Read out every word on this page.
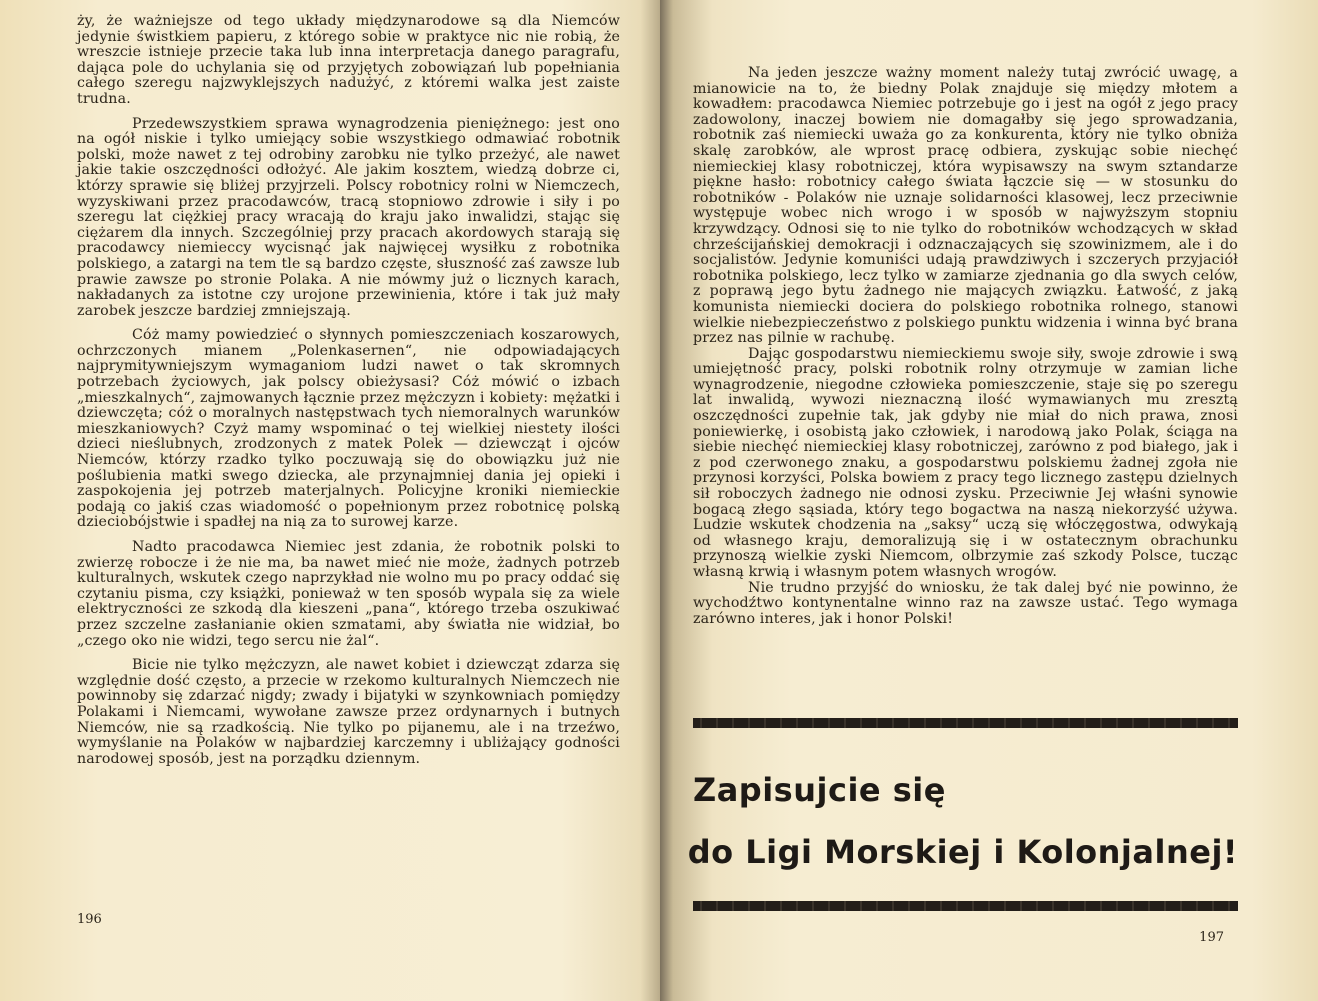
ży, że ważniejsze od tego układy międzynarodowe są dla Niemców jedynie świstkiem papieru, z którego sobie w praktyce nic nie robią, że wreszcie istnieje przecie taka lub inna interpretacja danego paragrafu, dająca pole do uchylania się od przyjętych zobowiązań lub popełniania całego szeregu najzwyklejszych nadużyć, z któremi walka jest zaiste trudna.

Przedewszystkiem sprawa wynagrodzenia pieniężnego: jest ono na ogół niskie i tylko umiejący sobie wszystkiego odmawiać robotnik polski, może nawet z tej odrobiny zarobku nie tylko przeżyć, ale nawet jakie takie oszczędności odłożyć. Ale jakim kosztem, wiedzą dobrze ci, którzy sprawie się bliżej przyjrzeli. Polscy robotnicy rolni w Niemczech, wyzyskiwani przez pracodawców, tracą stopniowo zdrowie i siły i po szeregu lat ciężkiej pracy wracają do kraju jako inwalidzi, stając się ciężarem dla innych. Szczególniej przy pracach akordowych starają się pracodawcy niemieccy wycisnąć jak najwięcej wysiłku z robotnika polskiego, a zatargi na tem tle są bardzo częste, słuszność zaś zawsze lub prawie zawsze po stronie Polaka. A nie mówmy już o licznych karach, nakładanych za istotne czy urojone przewinienia, które i tak już mały zarobek jeszcze bardziej zmniejszają.

Cóż mamy powiedzieć o słynnych pomieszczeniach koszarowych, ochrzczonych mianem „Polenkasernen“, nie odpowiadających najprymitywniejszym wymaganiom ludzi nawet o tak skromnych potrzebach życiowych, jak polscy obieżysasi? Cóż mówić o izbach „mieszkalnych“, zajmowanych łącznie przez mężczyzn i kobiety: mężatki i dziewczęta; cóż o moralnych następstwach tych niemoralnych warunków mieszkaniowych? Czyż mamy wspominać o tej wielkiej niestety ilości dzieci nieślubnych, zrodzonych z matek Polek — dziewcząt i ojców Niemców, którzy rzadko tylko poczuwają się do obowiązku już nie poślubienia matki swego dziecka, ale przynajmniej dania jej opieki i zaspokojenia jej potrzeb materjalnych. Policyjne kroniki niemieckie podają co jakiś czas wiadomość o popełnionym przez robotnicę polską dzieciobójstwie i spadłej na nią za to surowej karze.

Nadto pracodawca Niemiec jest zdania, że robotnik polski to zwierzę robocze i że nie ma, ba nawet mieć nie może, żadnych potrzeb kulturalnych, wskutek czego naprzykład nie wolno mu po pracy oddać się czytaniu pisma, czy książki, ponieważ w ten sposób wypala się za wiele elektryczności ze szkodą dla kieszeni „pana“, którego trzeba oszukiwać przez szczelne zasłanianie okien szmatami, aby światła nie widział, bo „czego oko nie widzi, tego sercu nie żal“.

Bicie nie tylko mężczyzn, ale nawet kobiet i dziewcząt zdarza się względnie dość często, a przecie w rzekomo kulturalnych Niemczech nie powinnoby się zdarzać nigdy; zwady i bijatyki w szynkowniach pomiędzy Polakami i Niemcami, wywołane zawsze przez ordynarnych i butnych Niemców, nie są rzadkością. Nie tylko po pijanemu, ale i na trzeźwo, wymyślanie na Polaków w najbardziej karczemny i ubliżający godności narodowej sposób, jest na porządku dziennym.

196

Na jeden jeszcze ważny moment należy tutaj zwrócić uwagę, a mianowicie na to, że biedny Polak znajduje się między młotem a kowadłem: pracodawca Niemiec potrzebuje go i jest na ogół z jego pracy zadowolony, inaczej bowiem nie domagałby się jego sprowadzania, robotnik zaś niemiecki uważa go za konkurenta, który nie tylko obniża skalę zarobków, ale wprost pracę odbiera, zyskując sobie niechęć niemieckiej klasy robotniczej, która wypisawszy na swym sztandarze piękne hasło: robotnicy całego świata łączcie się — w stosunku do robotników - Polaków nie uznaje solidarności klasowej, lecz przeciwnie występuje wobec nich wrogo i w sposób w najwyższym stopniu krzywdzący. Odnosi się to nie tylko do robotników wchodzących w skład chrześcijańskiej demokracji i odznaczających się szowinizmem, ale i do socjalistów. Jedynie komuniści udają prawdziwych i szczerych przyjaciół robotnika polskiego, lecz tylko w zamiarze zjednania go dla swych celów, z poprawą jego bytu żadnego nie mających związku. Łatwość, z jaką komunista niemiecki dociera do polskiego robotnika rolnego, stanowi wielkie niebezpieczeństwo z polskiego punktu widzenia i winna być brana przez nas pilnie w rachubę.

Dając gospodarstwu niemieckiemu swoje siły, swoje zdrowie i swą umiejętność pracy, polski robotnik rolny otrzymuje w zamian liche wynagrodzenie, niegodne człowieka pomieszczenie, staje się po szeregu lat inwalidą, wywozi nieznaczną ilość wymawianych mu zresztą oszczędności zupełnie tak, jak gdyby nie miał do nich prawa, znosi poniewierkę, i osobistą jako człowiek, i narodową jako Polak, ściąga na siebie niechęć niemieckiej klasy robotniczej, zarówno z pod białego, jak i z pod czerwonego znaku, a gospodarstwu polskiemu żadnej zgoła nie przynosi korzyści, Polska bowiem z pracy tego licznego zastępu dzielnych sił roboczych żadnego nie odnosi zysku. Przeciwnie Jej właśni synowie bogacą złego sąsiada, który tego bogactwa na naszą niekorzyść używa. Ludzie wskutek chodzenia na „saksy“ uczą się włóczęgostwa, odwykają od własnego kraju, demoralizują się i w ostatecznym obrachunku przynoszą wielkie zyski Niemcom, olbrzymie zaś szkody Polsce, tucząc własną krwią i własnym potem własnych wrogów.

Nie trudno przyjść do wniosku, że tak dalej być nie powinno, że wychodźtwo kontynentalne winno raz na zawsze ustać. Tego wymaga zarówno interes, jak i honor Polski!

197
Zapisujcie się
do Ligi Morskiej i Kolonjalnej!
